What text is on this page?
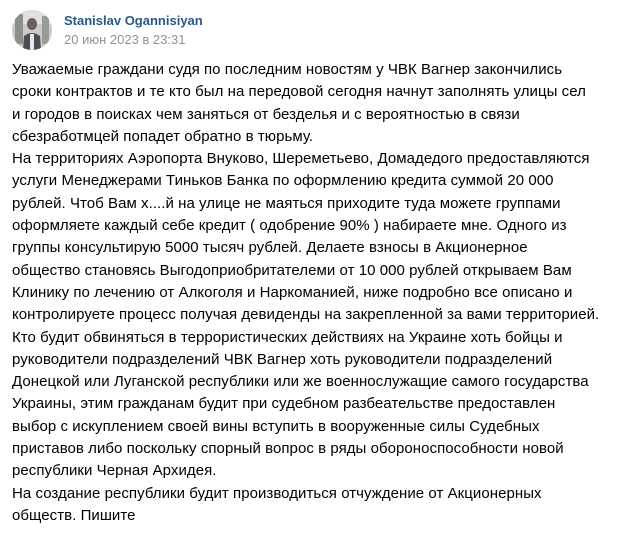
Stanislav Ogannisiyan
20 июн 2023 в 23:31
Уважаемые граждани судя по последним новостям у ЧВК Вагнер закончились
сроки контрактов и те кто был на передовой сегодня начнут заполнять улицы сел
и городов в поисках чем заняться от безделья и с вероятностью в связи
сбезработмцей попадет обратно в тюрьму.
На территориях Аэропорта Внуково, Шереметьево, Домадедого предоставляются
услуги Менеджерами Тиньков Банка по оформлению кредита суммой 20 000
рублей. Чтоб Вам х....й на улице не маяться приходите туда можете группами
оформляете каждый себе кредит ( одобрение 90% ) набираете мне. Одного из
группы консультирую 5000 тысяч рублей. Делаете взносы в Акционерное
общество становясь Выгодоприобритателеми от 10 000 рублей открываем Вам
Клинику по лечению от Алкоголя и Наркоманией, ниже подробно все описано и
контролируете процесс получая девиденды на закрепленной за вами территорией.
Кто будит обвиняться в террористических действиях на Украине хоть бойцы и
руководители подразделений ЧВК Вагнер хоть руководители подразделений
Донецкой или Луганской республики или же военнослужащие самого государства
Украины, этим гражданам будит при судебном разбеательстве предоставлен
выбор с искуплением своей вины вступить в вооруженные силы Судебных
приставов либо поскольку спорный вопрос в ряды обороноспособности новой
республики Черная Архидея.
На создание республики будит производиться отчуждение от Акционерных
обществ. Пишите
